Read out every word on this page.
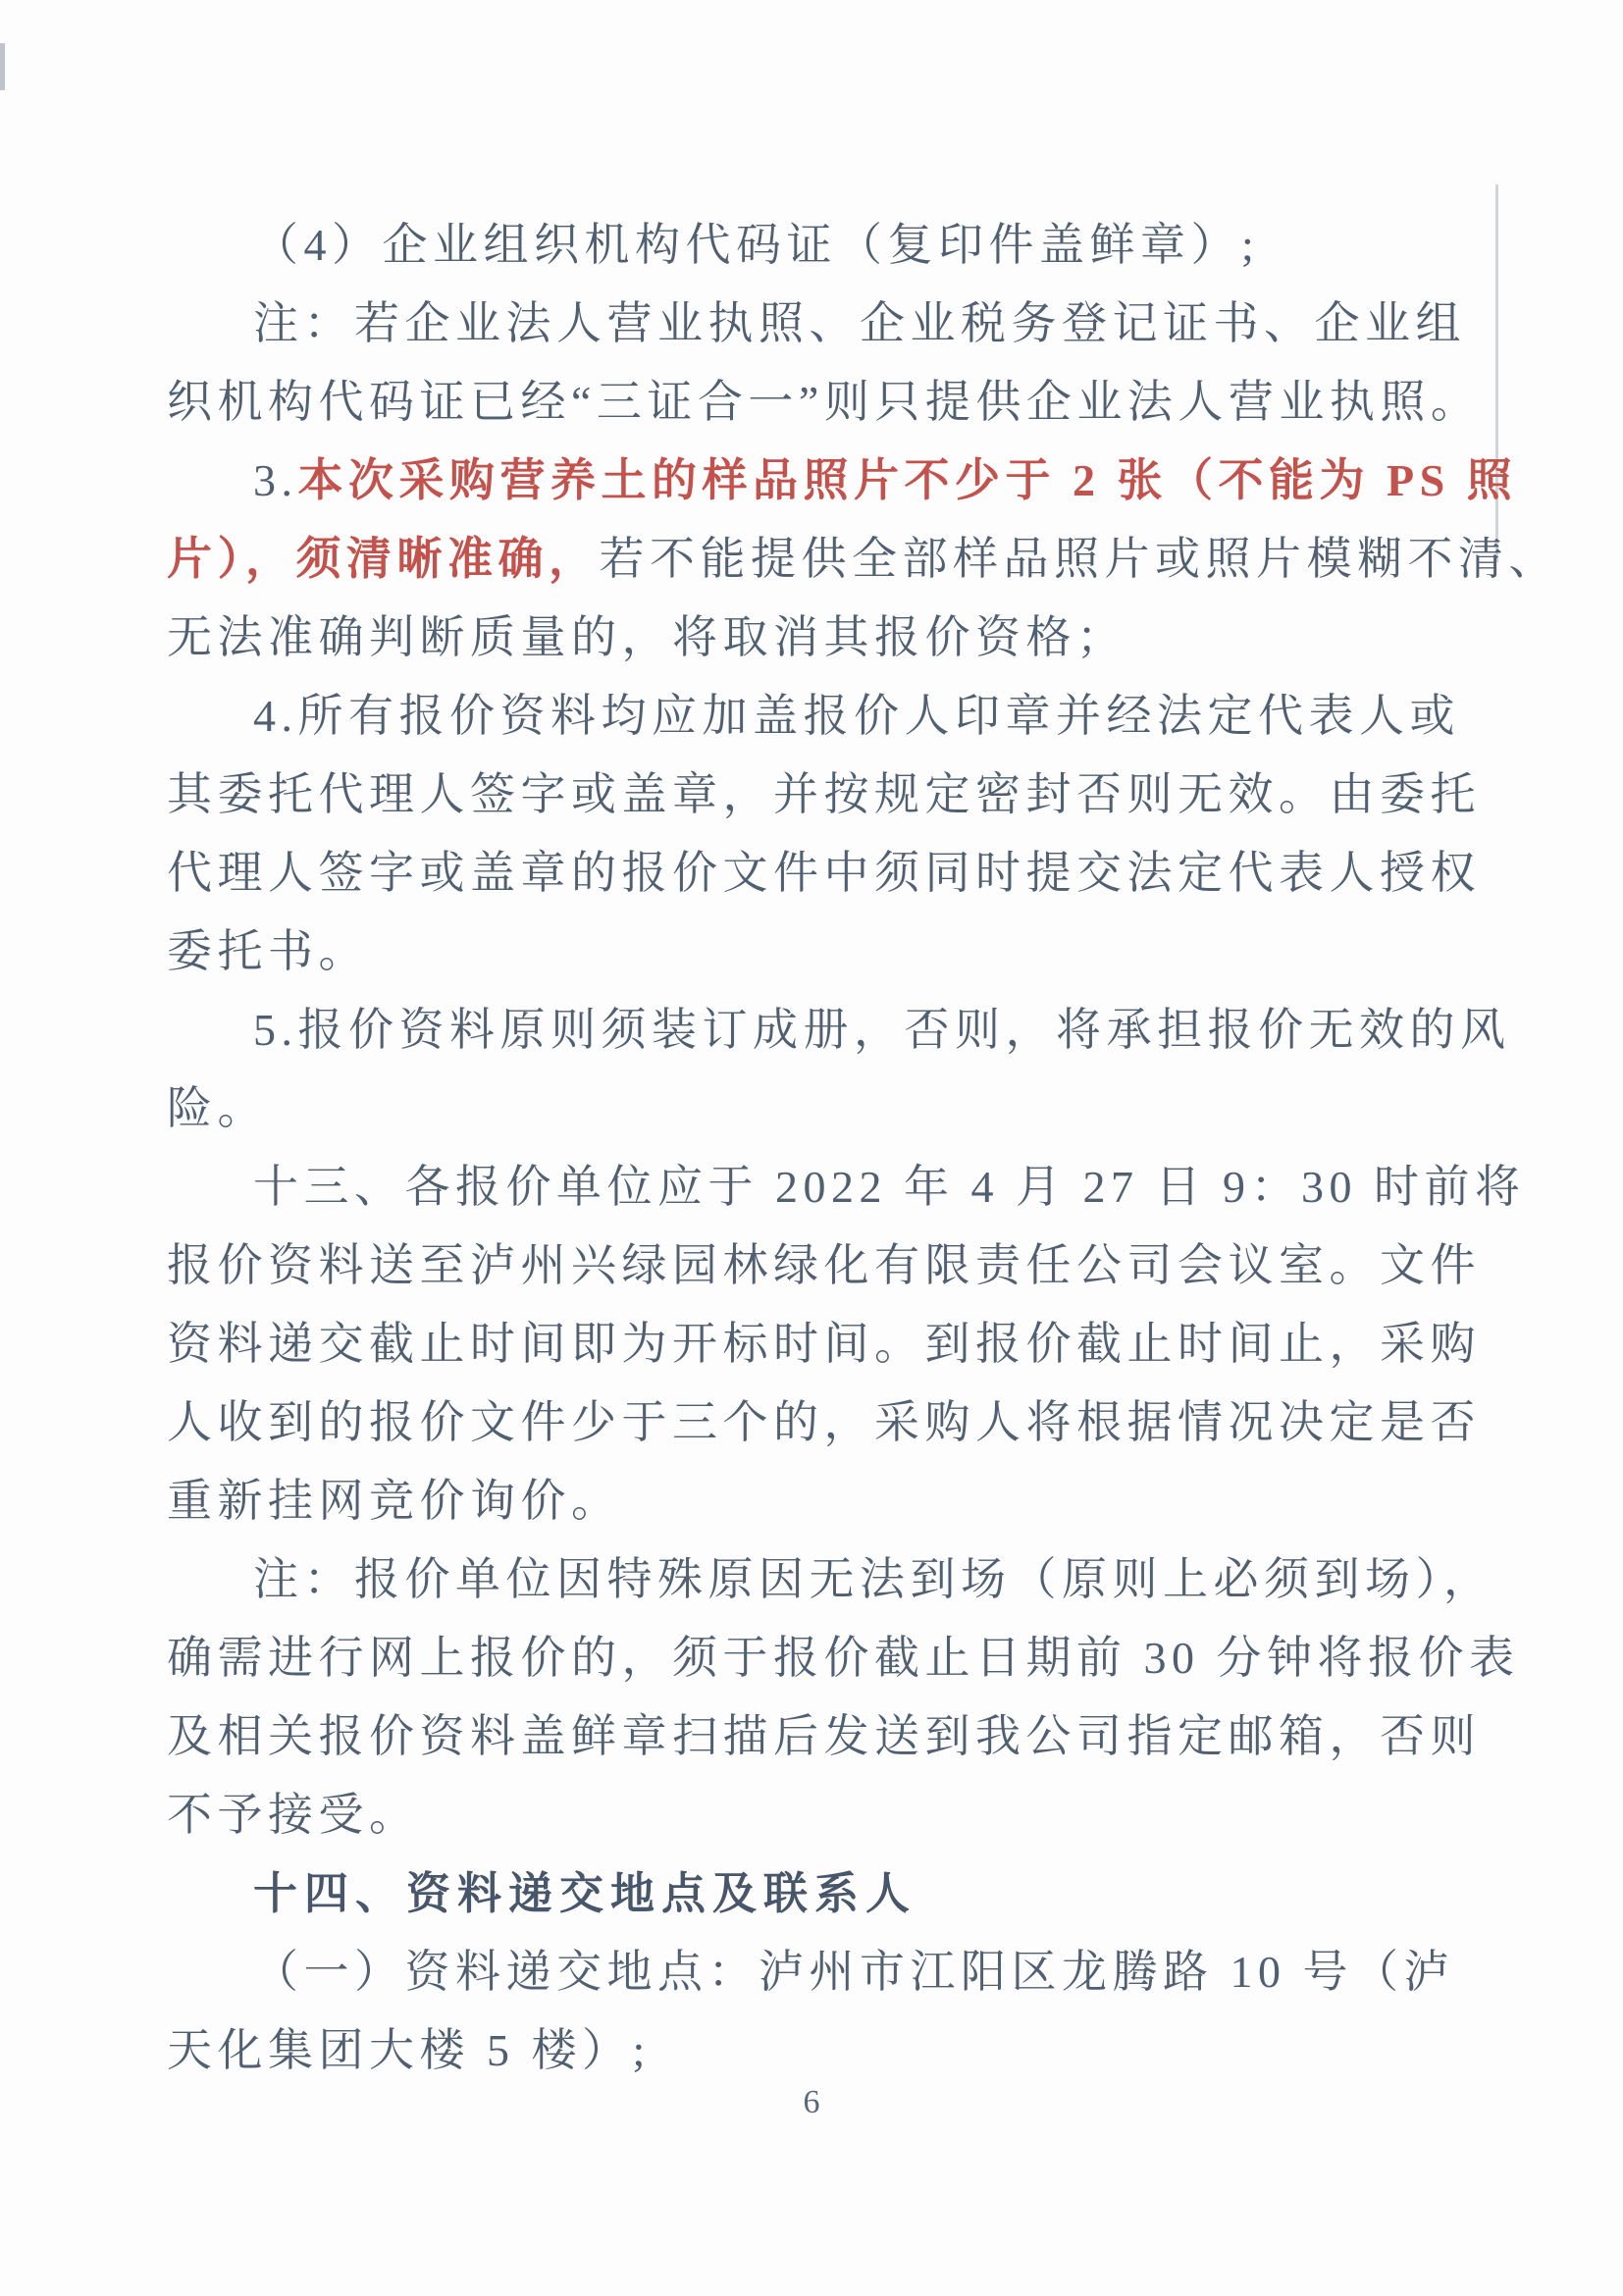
（4）企业组织机构代码证（复印件盖鲜章）;

注：若企业法人营业执照、企业税务登记证书、企业组

织机构代码证已经“三证合一”则只提供企业法人营业执照。

3.本次采购营养土的样品照片不少于 2 张（不能为 PS 照

片），须清晰准确，若不能提供全部样品照片或照片模糊不清、

无法准确判断质量的，将取消其报价资格；

4.所有报价资料均应加盖报价人印章并经法定代表人或

其委托代理人签字或盖章，并按规定密封否则无效。由委托

代理人签字或盖章的报价文件中须同时提交法定代表人授权

委托书。

5.报价资料原则须装订成册，否则，将承担报价无效的风

险。

十三、各报价单位应于 2022 年 4 月 27 日 9：30 时前将

报价资料送至泸州兴绿园林绿化有限责任公司会议室。文件

资料递交截止时间即为开标时间。到报价截止时间止，采购

人收到的报价文件少于三个的，采购人将根据情况决定是否

重新挂网竞价询价。

注：报价单位因特殊原因无法到场（原则上必须到场），

确需进行网上报价的，须于报价截止日期前 30 分钟将报价表

及相关报价资料盖鲜章扫描后发送到我公司指定邮箱，否则

不予接受。

十四、资料递交地点及联系人

（一）资料递交地点：泸州市江阳区龙腾路 10 号（泸

天化集团大楼 5 楼）;

6
